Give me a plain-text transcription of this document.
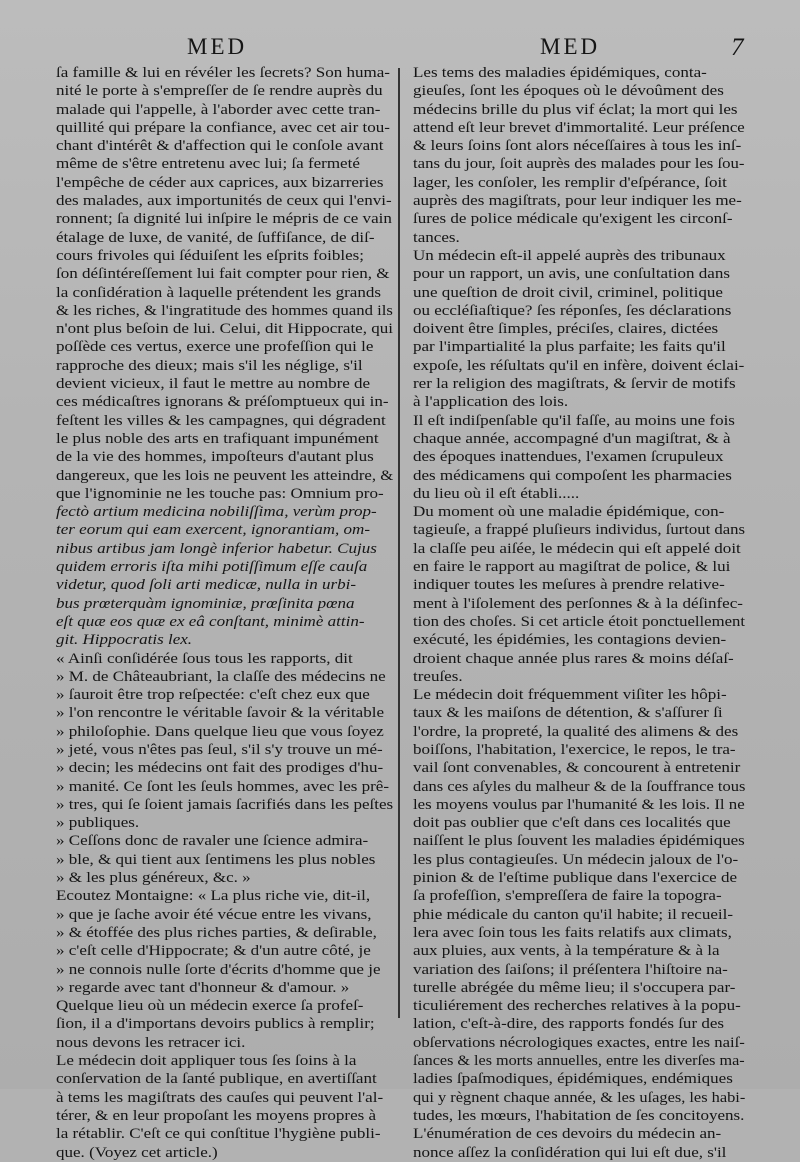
MED	MED	7
ſa famille & lui en révéler les ſecrets? Son huma-
nité le porte à s'empreſſer de ſe rendre auprès du
malade qui l'appelle, à l'aborder avec cette tran-
quillité qui prépare la confiance, avec cet air tou-
chant d'intérêt & d'affection qui le conſole avant
même de s'être entretenu avec lui; ſa fermeté
l'empêche de céder aux caprices, aux bizarreries
des malades, aux importunités de ceux qui l'envi-
ronnent; ſa dignité lui inſpire le mépris de ce vain
étalage de luxe, de vanité, de ſuffiſance, de diſ-
cours frivoles qui ſéduiſent les eſprits foibles;
ſon déſintéreſſement lui fait compter pour rien, &
la conſidération à laquelle prétendent les grands
& les riches, & l'ingratitude des hommes quand ils
n'ont plus beſoin de lui. Celui, dit Hippocrate, qui
poſſède ces vertus, exerce une profeſſion qui le
rapproche des dieux; mais s'il les néglige, s'il
devient vicieux, il faut le mettre au nombre de
ces médicaſtres ignorans & préſomptueux qui in-
feſtent les villes & les campagnes, qui dégradent
le plus noble des arts en trafiquant impunément
de la vie des hommes, impoſteurs d'autant plus
dangereux, que les lois ne peuvent les atteindre, &
que l'ignominie ne les touche pas: Omnium pro-
fectò artium medicina nobiliſſima, verùm prop-
ter eorum qui eam exercent, ignorantiam, om-
nibus artibus jam longè inferior habetur. Cujus
quidem erroris iſta mihi potiſſimum eſſe cauſa
videtur, quod ſoli arti medicæ, nulla in urbi-
bus prœterquàm ignominiæ, prœſinita pœna
eſt quæ eos quæ ex eâ conſtant, minimè attin-
git. Hippocratis lex.
« Ainſi conſidérée ſous tous les rapports, dit
» M. de Châteaubriant, la claſſe des médecins ne
» ſauroit être trop reſpectée: c'eſt chez eux que
» l'on rencontre le véritable ſavoir & la véritable
» philoſophie. Dans quelque lieu que vous ſoyez
» jeté, vous n'êtes pas ſeul, s'il s'y trouve un mé-
» decin; les médecins ont fait des prodiges d'hu-
» manité. Ce ſont les ſeuls hommes, avec les prê-
» tres, qui ſe ſoient jamais ſacrifiés dans les peſtes
» publiques.
» Ceſſons donc de ravaler une ſcience admira-
» ble, & qui tient aux ſentimens les plus nobles
» & les plus généreux, &c. »
Ecoutez Montaigne: « La plus riche vie, dit-il,
» que je ſache avoir été vécue entre les vivans,
» & étoffée des plus riches parties, & deſirable,
» c'eſt celle d'Hippocrate; & d'un autre côté, je
» ne connois nulle ſorte d'écrits d'homme que je
» regarde avec tant d'honneur & d'amour. »
Quelque lieu où un médecin exerce ſa profeſ-
ſion, il a d'importans devoirs publics à remplir;
nous devons les retracer ici.
Le médecin doit appliquer tous ſes ſoins à la
conſervation de la ſanté publique, en avertiſſant
à tems les magiſtrats des cauſes qui peuvent l'al-
térer, & en leur propoſant les moyens propres à
la rétablir. C'eſt ce qui conſtitue l'hygiène publi-
que. (Voyez cet article.)
Les tems des maladies épidémiques, conta-
gieuſes, ſont les époques où le dévoûment des
médecins brille du plus vif éclat; la mort qui les
attend eſt leur brevet d'immortalité. Leur préſence
& leurs ſoins ſont alors néceſſaires à tous les inſ-
tans du jour, ſoit auprès des malades pour les ſou-
lager, les conſoler, les remplir d'eſpérance, ſoit
auprès des magiſtrats, pour leur indiquer les me-
ſures de police médicale qu'exigent les circonſ-
tances.
Un médecin eſt-il appelé auprès des tribunaux
pour un rapport, un avis, une conſultation dans
une queſtion de droit civil, criminel, politique
ou eccléſiaſtique? ſes réponſes, ſes déclarations
doivent être ſimples, préciſes, claires, dictées
par l'impartialité la plus parfaite; les faits qu'il
expoſe, les réſultats qu'il en infère, doivent éclai-
rer la religion des magiſtrats, & ſervir de motifs
à l'application des lois.
Il eſt indiſpenſable qu'il faſſe, au moins une fois
chaque année, accompagné d'un magiſtrat, & à
des époques inattendues, l'examen ſcrupuleux
des médicamens qui compoſent les pharmacies
du lieu où il eſt établi.....
Du moment où une maladie épidémique, con-
tagieuſe, a frappé pluſieurs individus, ſurtout dans
la claſſe peu aiſée, le médecin qui eſt appelé doit
en faire le rapport au magiſtrat de police, & lui
indiquer toutes les meſures à prendre relative-
ment à l'iſolement des perſonnes & à la déſinfec-
tion des choſes. Si cet article étoit ponctuellement
exécuté, les épidémies, les contagions devien-
droient chaque année plus rares & moins déſaſ-
treuſes.
Le médecin doit fréquemment viſiter les hôpi-
taux & les maiſons de détention, & s'aſſurer ſi
l'ordre, la propreté, la qualité des alimens & des
boiſſons, l'habitation, l'exercice, le repos, le tra-
vail ſont convenables, & concourent à entretenir
dans ces aſyles du malheur & de la ſouffrance tous
les moyens voulus par l'humanité & les lois. Il ne
doit pas oublier que c'eſt dans ces localités que
naiſſent le plus ſouvent les maladies épidémiques
les plus contagieuſes. Un médecin jaloux de l'o-
pinion & de l'eſtime publique dans l'exercice de
ſa profeſſion, s'empreſſera de faire la topogra-
phie médicale du canton qu'il habite; il recueil-
lera avec ſoin tous les faits relatifs aux climats,
aux pluies, aux vents, à la température & à la
variation des ſaiſons; il préſentera l'hiſtoire na-
turelle abrégée du même lieu; il s'occupera par-
ticuliérement des recherches relatives à la popu-
lation, c'eſt-à-dire, des rapports fondés ſur des
obſervations nécrologiques exactes, entre les naiſ-
ſances & les morts annuelles, entre les diverſes ma-
ladies ſpaſmodiques, épidémiques, endémiques
qui y règnent chaque année, & les uſages, les habi-
tudes, les mœurs, l'habitation de ſes concitoyens.
L'énumération de ces devoirs du médecin an-
nonce aſſez la conſidération qui lui eſt due, s'il
